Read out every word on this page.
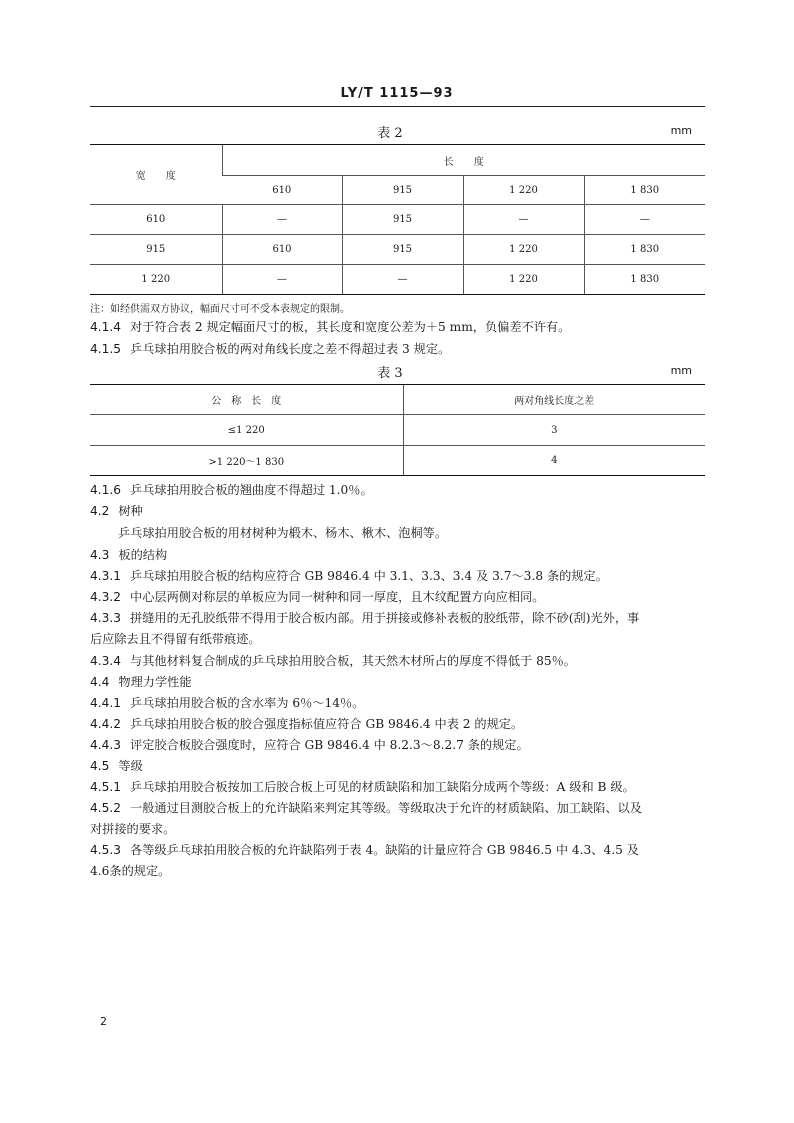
LY/T 1115—93
表 2	mm
宽　　度	长　　度			
	610	915	1 220	1 830
610	—	915	—	—
915	610	915	1 220	1 830
1 220	—	—	1 220	1 830
注：如经供需双方协议，幅面尺寸可不受本表规定的限制。
4.1.4 对于符合表 2 规定幅面尺寸的板，其长度和宽度公差为＋5 mm，负偏差不许有。
4.1.5 乒乓球拍用胶合板的两对角线长度之差不得超过表 3 规定。
表 3	mm
公　称　长　度	两对角线长度之差
≤1 220	3
>1 220～1 830	4
4.1.6 乒乓球拍用胶合板的翘曲度不得超过 1.0％。
4.2 树种
乒乓球拍用胶合板的用材树种为椴木、杨木、楸木、泡桐等。
4.3 板的结构
4.3.1 乒乓球拍用胶合板的结构应符合 GB 9846.4 中 3.1、3.3、3.4 及 3.7～3.8 条的规定。
4.3.2 中心层两侧对称层的单板应为同一树种和同一厚度，且木纹配置方向应相同。
4.3.3 拼缝用的无孔胶纸带不得用于胶合板内部。用于拼接或修补表板的胶纸带，除不砂(刮)光外，事
后应除去且不得留有纸带痕迹。
4.3.4 与其他材料复合制成的乒乓球拍用胶合板，其天然木材所占的厚度不得低于 85％。
4.4 物理力学性能
4.4.1 乒乓球拍用胶合板的含水率为 6％～14％。
4.4.2 乒乓球拍用胶合板的胶合强度指标值应符合 GB 9846.4 中表 2 的规定。
4.4.3 评定胶合板胶合强度时，应符合 GB 9846.4 中 8.2.3～8.2.7 条的规定。
4.5 等级
4.5.1 乒乓球拍用胶合板按加工后胶合板上可见的材质缺陷和加工缺陷分成两个等级：A 级和 B 级。
4.5.2 一般通过目测胶合板上的允许缺陷来判定其等级。等级取决于允许的材质缺陷、加工缺陷、以及
对拼接的要求。
4.5.3 各等级乒乓球拍用胶合板的允许缺陷列于表 4。缺陷的计量应符合 GB 9846.5 中 4.3、4.5 及
4.6条的规定。
2
